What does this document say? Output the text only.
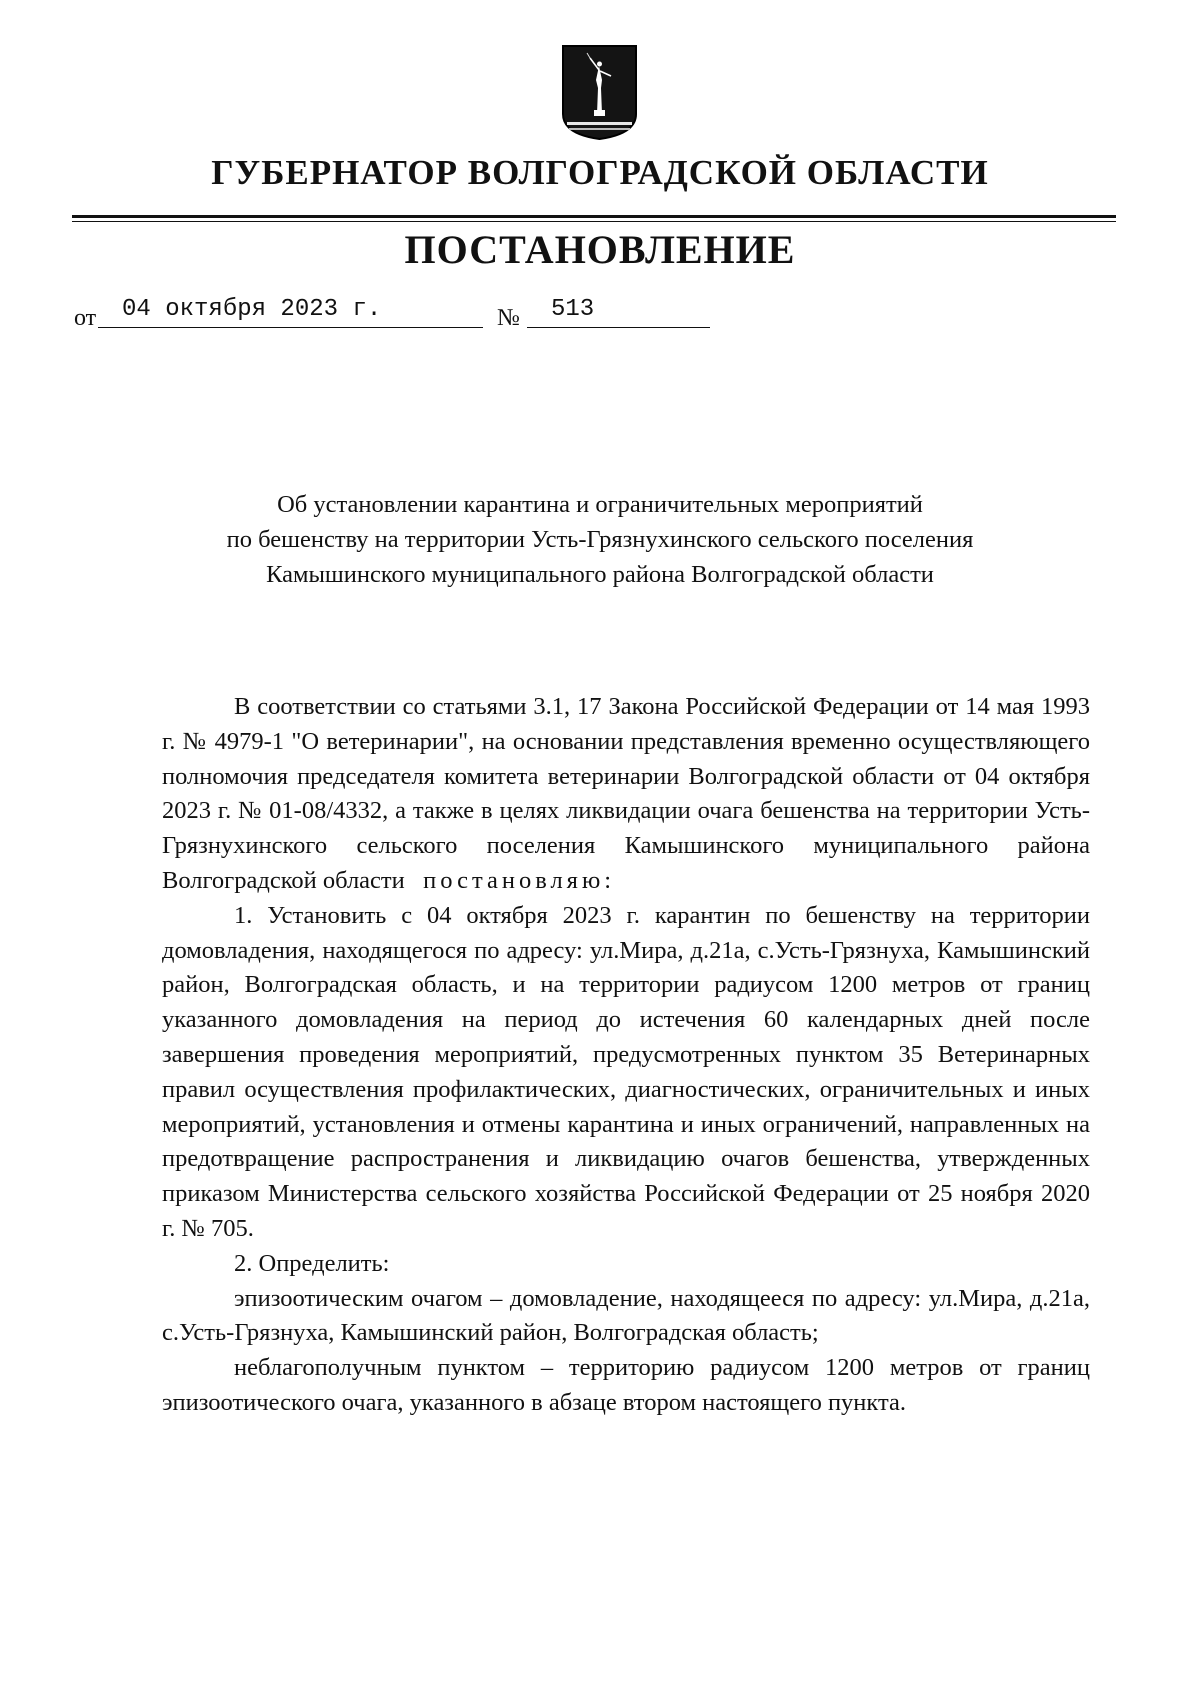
ГУБЕРНАТОР ВОЛГОГРАДСКОЙ ОБЛАСТИ
ПОСТАНОВЛЕНИЕ
от	04 октября 2023 г.	№	513
Об установлении карантина и ограничительных мероприятий
по бешенству на территории Усть-Грязнухинского сельского поселения
Камышинского муниципального района Волгоградской области

В соответствии со статьями 3.1, 17 Закона Российской Федерации от 14 мая 1993 г. № 4979-1 "О ветеринарии", на основании представления временно осуществляющего полномочия председателя комитета ветеринарии Волгоградской области от 04 октября 2023 г. № 01-08/4332, а также в целях ликвидации очага бешенства на территории Усть-Грязнухинского сельского поселения Камышинского муниципального района Волгоградской области постановляю:

1. Установить с 04 октября 2023 г. карантин по бешенству на территории домовладения, находящегося по адресу: ул.Мира, д.21а, с.Усть-Грязнуха, Камышинский район, Волгоградская область, и на территории радиусом 1200 метров от границ указанного домовладения на период до истечения 60 календарных дней после завершения проведения мероприятий, предусмотренных пунктом 35 Ветеринарных правил осуществления профилактических, диагностических, ограничительных и иных мероприятий, установления и отмены карантина и иных ограничений, направленных на предотвращение распространения и ликвидацию очагов бешенства, утвержденных приказом Министерства сельского хозяйства Российской Федерации от 25 ноября 2020 г. № 705.

2. Определить:

эпизоотическим очагом – домовладение, находящееся по адресу: ул.Мира, д.21а, с.Усть-Грязнуха, Камышинский район, Волгоградская область;

неблагополучным пунктом – территорию радиусом 1200 метров от границ эпизоотического очага, указанного в абзаце втором настоящего пункта.
